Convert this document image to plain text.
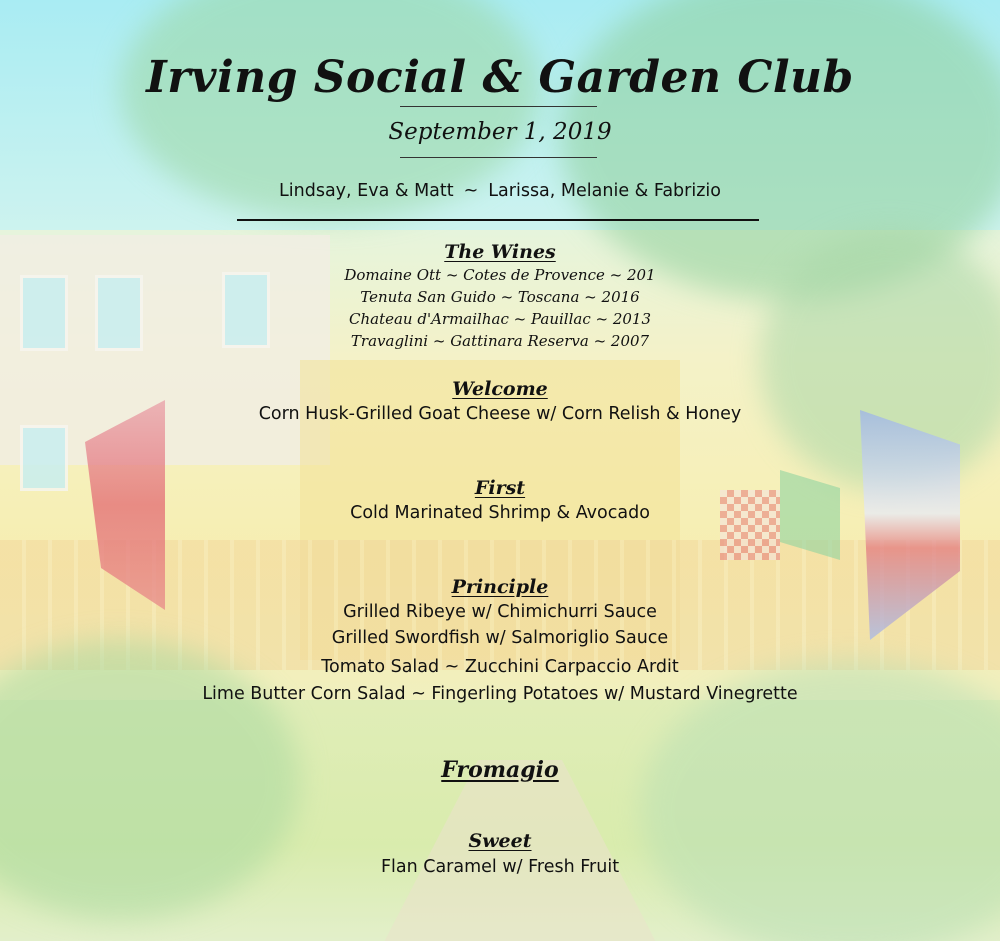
Irving Social & Garden Club
September 1, 2019
Lindsay, Eva & Matt ~ Larissa, Melanie & Fabrizio
The Wines
Domaine Ott ~ Cotes de Provence ~ 201
Tenuta San Guido ~ Toscana ~ 2016
Chateau d'Armailhac ~ Pauillac ~ 2013
Travaglini ~ Gattinara Reserva ~ 2007
Welcome
Corn Husk-Grilled Goat Cheese w/ Corn Relish & Honey
First
Cold Marinated Shrimp & Avocado
Principle
Grilled Ribeye w/ Chimichurri Sauce
Grilled Swordfish w/ Salmoriglio Sauce
Tomato Salad ~ Zucchini Carpaccio Ardit
Lime Butter Corn Salad ~ Fingerling Potatoes w/ Mustard Vinegrette
Fromagio
Sweet
Flan Caramel w/ Fresh Fruit
